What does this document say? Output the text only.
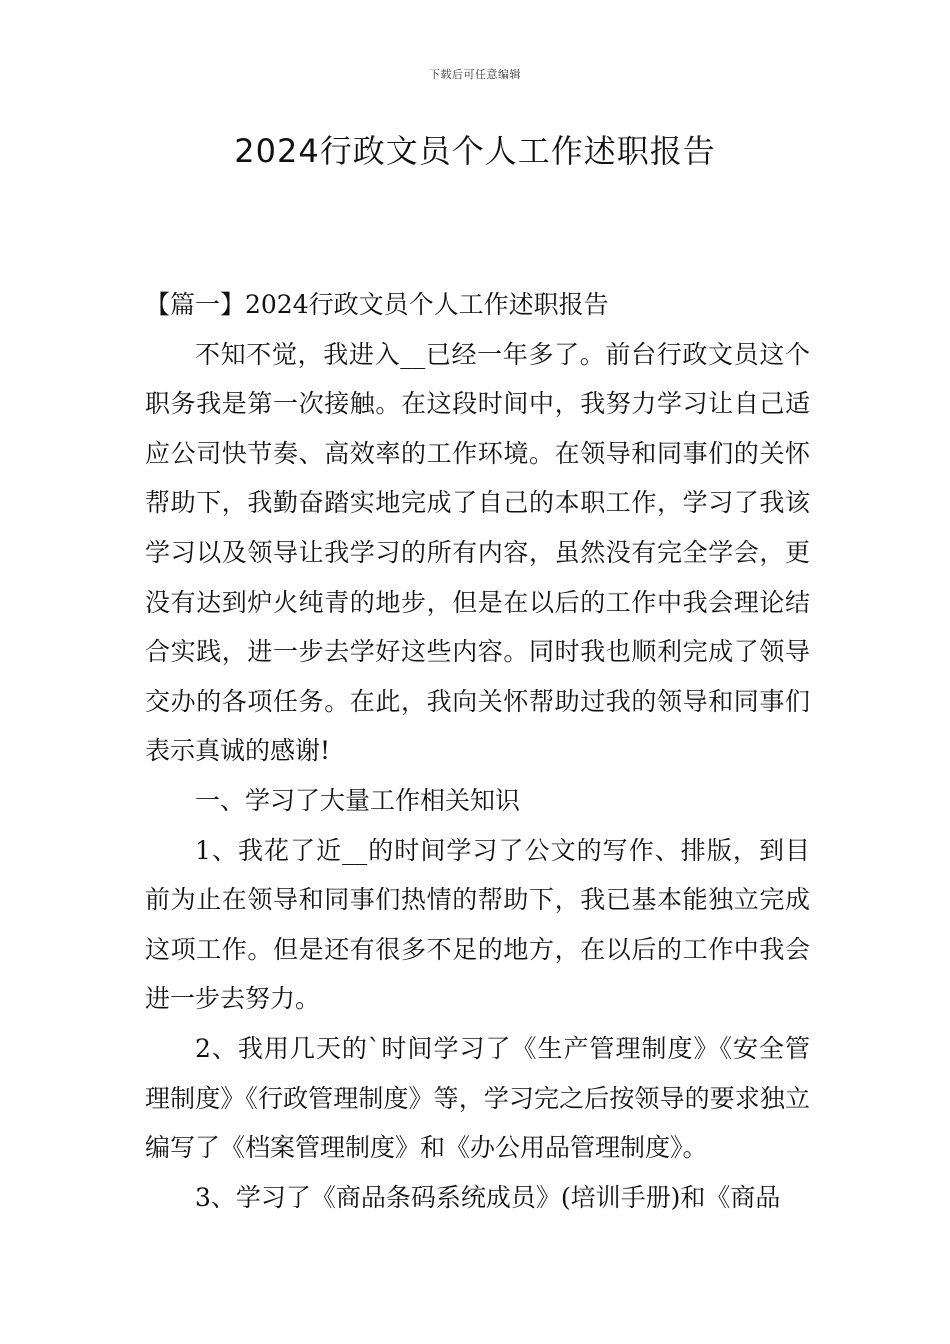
下载后可任意编辑
2024行政文员个人工作述职报告

【篇一】2024行政文员个人工作述职报告

不知不觉，我进入__已经一年多了。前台行政文员这个职务我是第一次接触。在这段时间中，我努力学习让自己适应公司快节奏、高效率的工作环境。在领导和同事们的关怀帮助下，我勤奋踏实地完成了自己的本职工作，学习了我该学习以及领导让我学习的所有内容，虽然没有完全学会，更没有达到炉火纯青的地步，但是在以后的工作中我会理论结合实践，进一步去学好这些内容。同时我也顺利完成了领导交办的各项任务。在此，我向关怀帮助过我的领导和同事们表示真诚的感谢!

一、学习了大量工作相关知识

1、我花了近__的时间学习了公文的写作、排版，到目前为止在领导和同事们热情的帮助下，我已基本能独立完成这项工作。但是还有很多不足的地方，在以后的工作中我会进一步去努力。

2、我用几天的`时间学习了《生产管理制度》《安全管理制度》《行政管理制度》等，学习完之后按领导的要求独立编写了《档案管理制度》和《办公用品管理制度》。

3、学习了《商品条码系统成员》(培训手册)和《商品
